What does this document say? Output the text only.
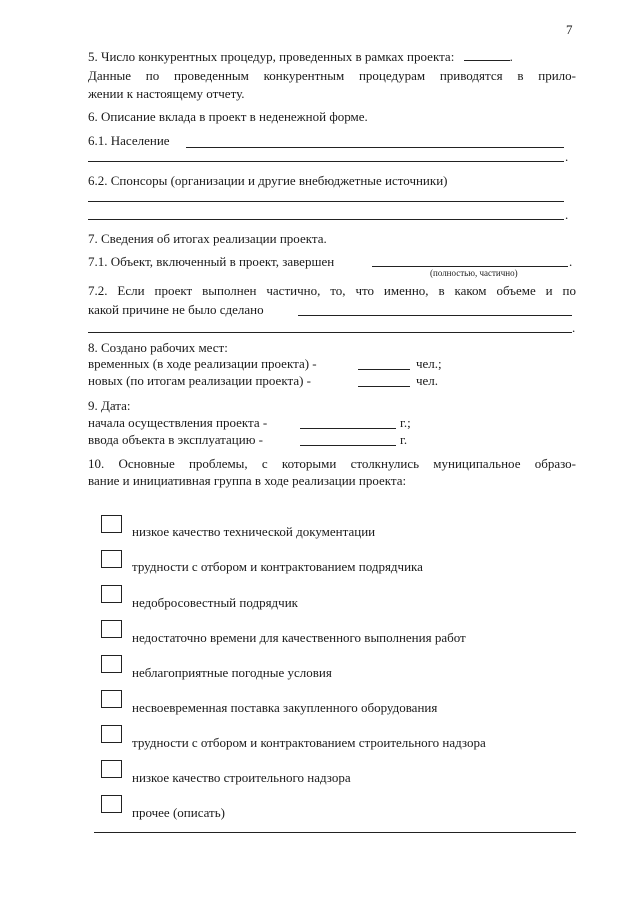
7
5. Число конкурентных процедур, проведенных в рамках проекта:	.
Данные по проведенным конкурентным процедурам приводятся в прило-
жении к настоящему отчету.
6. Описание вклада в проект в неденежной форме.
6.1. Население
.
6.2. Спонсоры (организации и другие внебюджетные источники)
.
7. Сведения об итогах реализации проекта.
7.1. Объект, включенный в проект, завершен	.
(полностью, частично)
7.2. Если проект выполнен частично, то, что именно, в каком объеме и по
какой причине не было сделано
.
8. Создано рабочих мест:
временных (в ходе реализации проекта) -	чел.;
новых (по итогам реализации проекта) -	чел.
9. Дата:
начала осуществления проекта -	г.;
ввода объекта в эксплуатацию -	г.
10. Основные проблемы, с которыми столкнулись муниципальное образо-
вание и инициативная группа в ходе реализации проекта:
низкое качество технической документации
трудности с отбором и контрактованием подрядчика
недобросовестный подрядчик
недостаточно времени для качественного выполнения работ
неблагоприятные погодные условия
несвоевременная поставка закупленного оборудования
трудности с отбором и контрактованием строительного надзора
низкое качество строительного надзора
прочее (описать)
